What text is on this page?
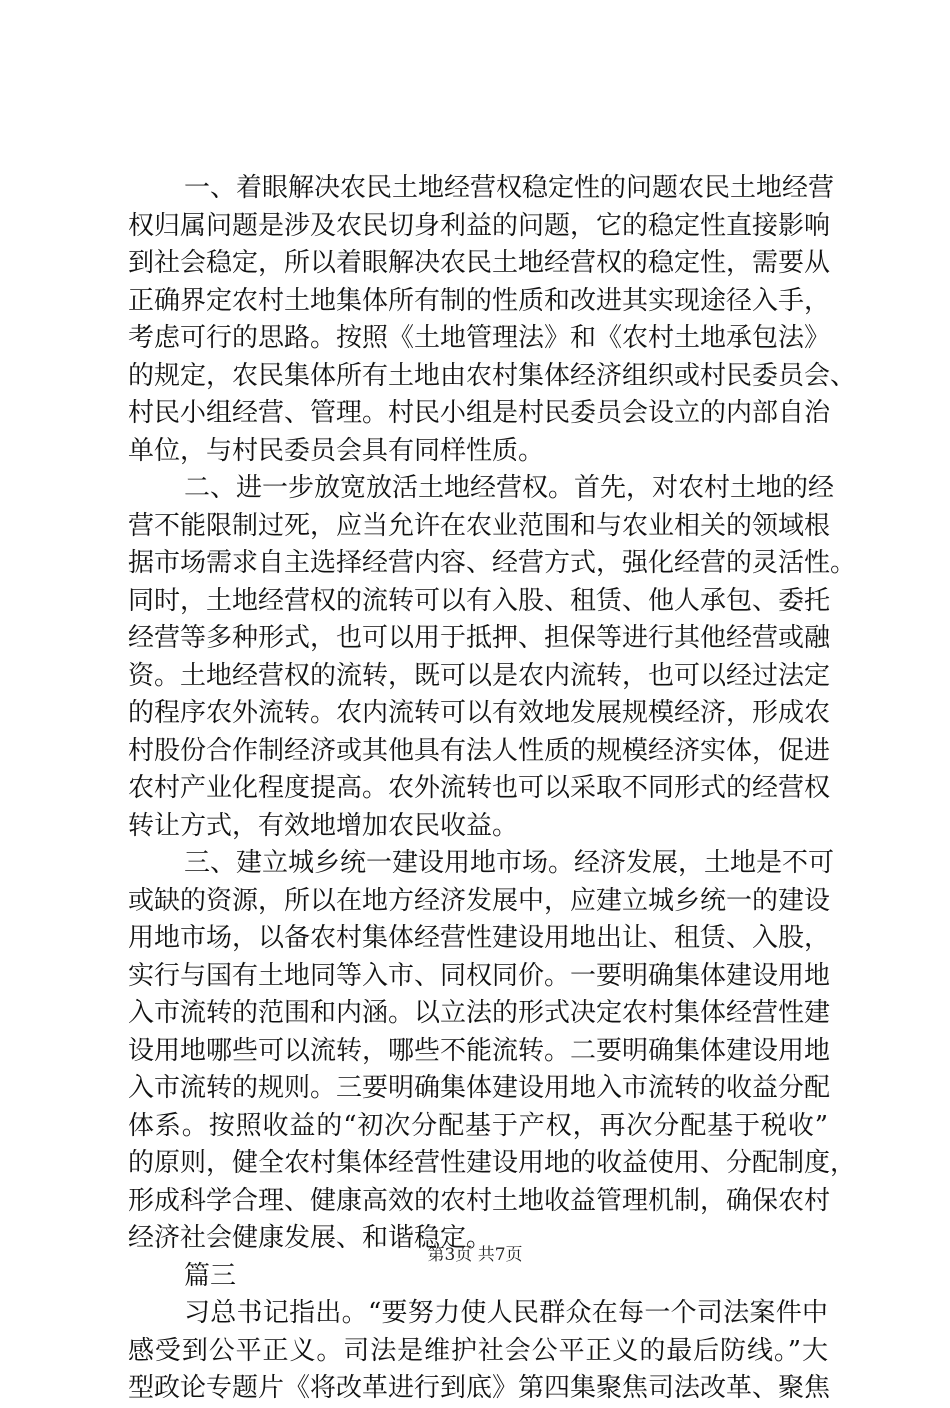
一、着眼解决农民土地经营权稳定性的问题农民土地经营
权归属问题是涉及农民切身利益的问题，它的稳定性直接影响
到社会稳定，所以着眼解决农民土地经营权的稳定性，需要从
正确界定农村土地集体所有制的性质和改进其实现途径入手，
考虑可行的思路。按照《土地管理法》和《农村土地承包法》
的规定，农民集体所有土地由农村集体经济组织或村民委员会、
村民小组经营、管理。村民小组是村民委员会设立的内部自治
单位，与村民委员会具有同样性质。
二、进一步放宽放活土地经营权。首先，对农村土地的经
营不能限制过死，应当允许在农业范围和与农业相关的领域根
据市场需求自主选择经营内容、经营方式，强化经营的灵活性。
同时，土地经营权的流转可以有入股、租赁、他人承包、委托
经营等多种形式，也可以用于抵押、担保等进行其他经营或融
资。土地经营权的流转，既可以是农内流转，也可以经过法定
的程序农外流转。农内流转可以有效地发展规模经济，形成农
村股份合作制经济或其他具有法人性质的规模经济实体，促进
农村产业化程度提高。农外流转也可以采取不同形式的经营权
转让方式，有效地增加农民收益。
三、建立城乡统一建设用地市场。经济发展，土地是不可
或缺的资源，所以在地方经济发展中，应建立城乡统一的建设
用地市场，以备农村集体经营性建设用地出让、租赁、入股，
实行与国有土地同等入市、同权同价。一要明确集体建设用地
入市流转的范围和内涵。以立法的形式决定农村集体经营性建
设用地哪些可以流转，哪些不能流转。二要明确集体建设用地
入市流转的规则。三要明确集体建设用地入市流转的收益分配
体系。按照收益的“初次分配基于产权，再次分配基于税收”
的原则，健全农村集体经营性建设用地的收益使用、分配制度，
形成科学合理、健康高效的农村土地收益管理机制，确保农村
经济社会健康发展、和谐稳定。
篇三
习总书记指出。“要努力使人民群众在每一个司法案件中
感受到公平正义。司法是维护社会公平正义的最后防线。”大
型政论专题片《将改革进行到底》第四集聚焦司法改革、聚焦
第3页 共7页
